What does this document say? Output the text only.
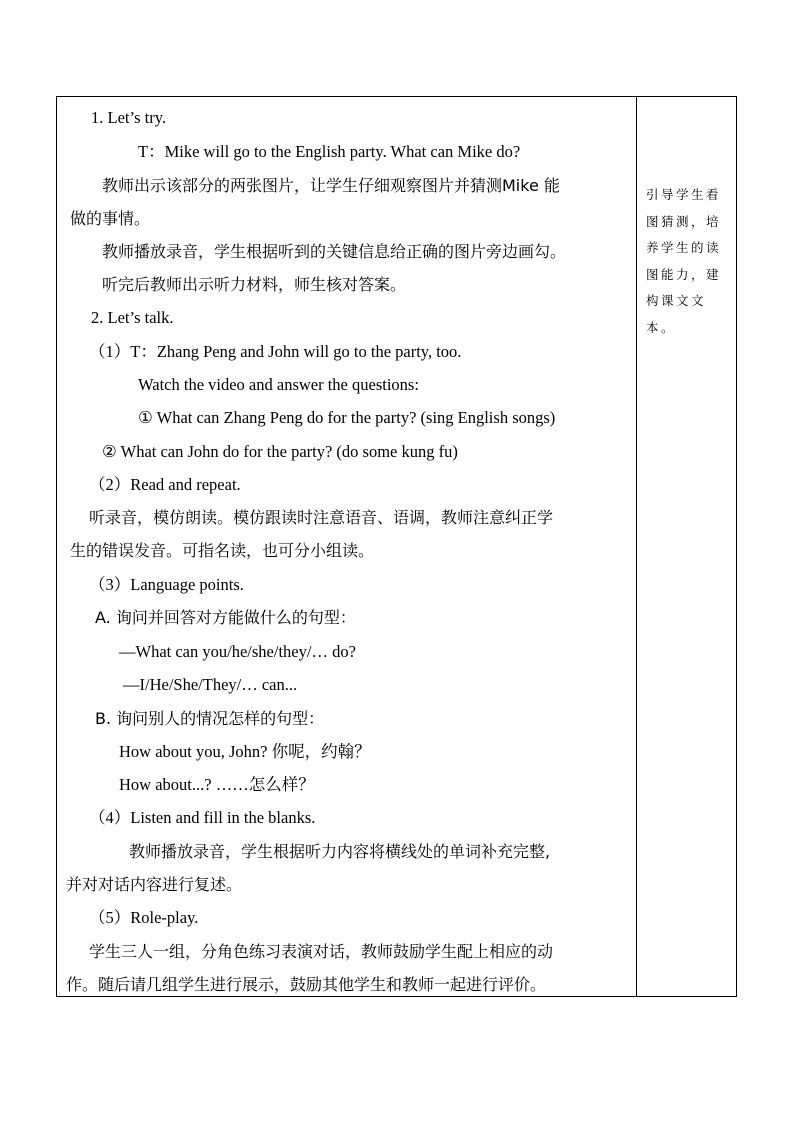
1. Let’s try.
T：Mike will go to the English party. What can Mike do?
教师出示该部分的两张图片，让学生仔细观察图片并猜测Mike 能
做的事情。
教师播放录音，学生根据听到的关键信息给正确的图片旁边画勾。
听完后教师出示听力材料，师生核对答案。
2. Let’s talk.
（1）T：Zhang Peng and John will go to the party, too.
Watch the video and answer the questions:
① What can Zhang Peng do for the party? (sing English songs)
② What can John do for the party? (do some kung fu)
（2）Read and repeat.
听录音，模仿朗读。模仿跟读时注意语音、语调，教师注意纠正学
生的错误发音。可指名读，也可分小组读。
（3）Language points.
A. 询问并回答对方能做什么的句型：
—What can you/he/she/they/… do?
—I/He/She/They/… can...
B. 询问别人的情况怎样的句型：
How about you, John? 你呢，约翰？
How about...? ……怎么样？
（4）Listen and fill in the blanks.
教师播放录音，学生根据听力内容将横线处的单词补充完整,
并对对话内容进行复述。
（5）Role-play.
学生三人一组，分角色练习表演对话，教师鼓励学生配上相应的动
作。随后请几组学生进行展示，鼓励其他学生和教师一起进行评价。
引导学生看图猜测，培养学生的读图能力，建构课文文本。
